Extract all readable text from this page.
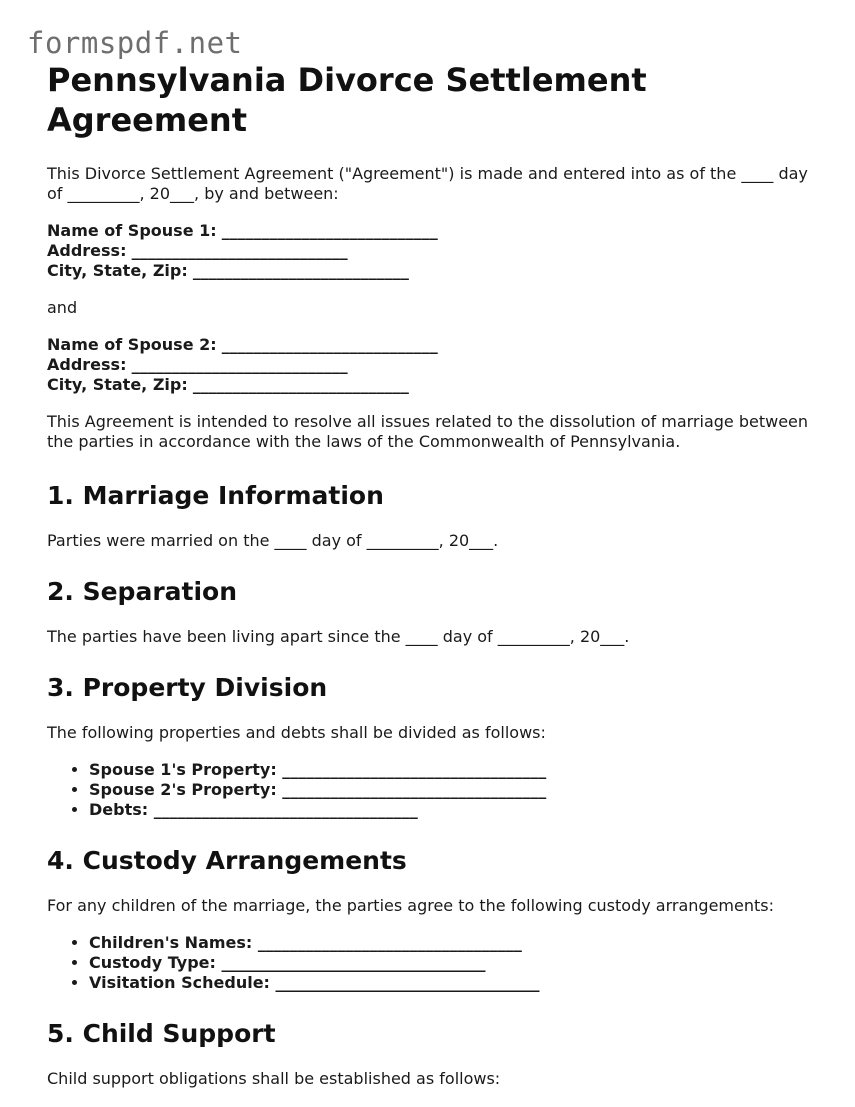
formspdf.net
Pennsylvania Divorce Settlement Agreement

This Divorce Settlement Agreement ("Agreement") is made and entered into as of the ____ day of _________, 20___, by and between:

Name of Spouse 1: ___________________________
Address: ___________________________
City, State, Zip: ___________________________

and

Name of Spouse 2: ___________________________
Address: ___________________________
City, State, Zip: ___________________________

This Agreement is intended to resolve all issues related to the dissolution of marriage between the parties in accordance with the laws of the Commonwealth of Pennsylvania.

1. Marriage Information

Parties were married on the ____ day of _________, 20___.

2. Separation

The parties have been living apart since the ____ day of _________, 20___.

3. Property Division

The following properties and debts shall be divided as follows:

• Spouse 1's Property: _________________________________
• Spouse 2's Property: _________________________________
• Debts: _________________________________
4. Custody Arrangements

For any children of the marriage, the parties agree to the following custody arrangements:

• Children's Names: _________________________________
• Custody Type: _________________________________
• Visitation Schedule: _________________________________
5. Child Support

Child support obligations shall be established as follows:
